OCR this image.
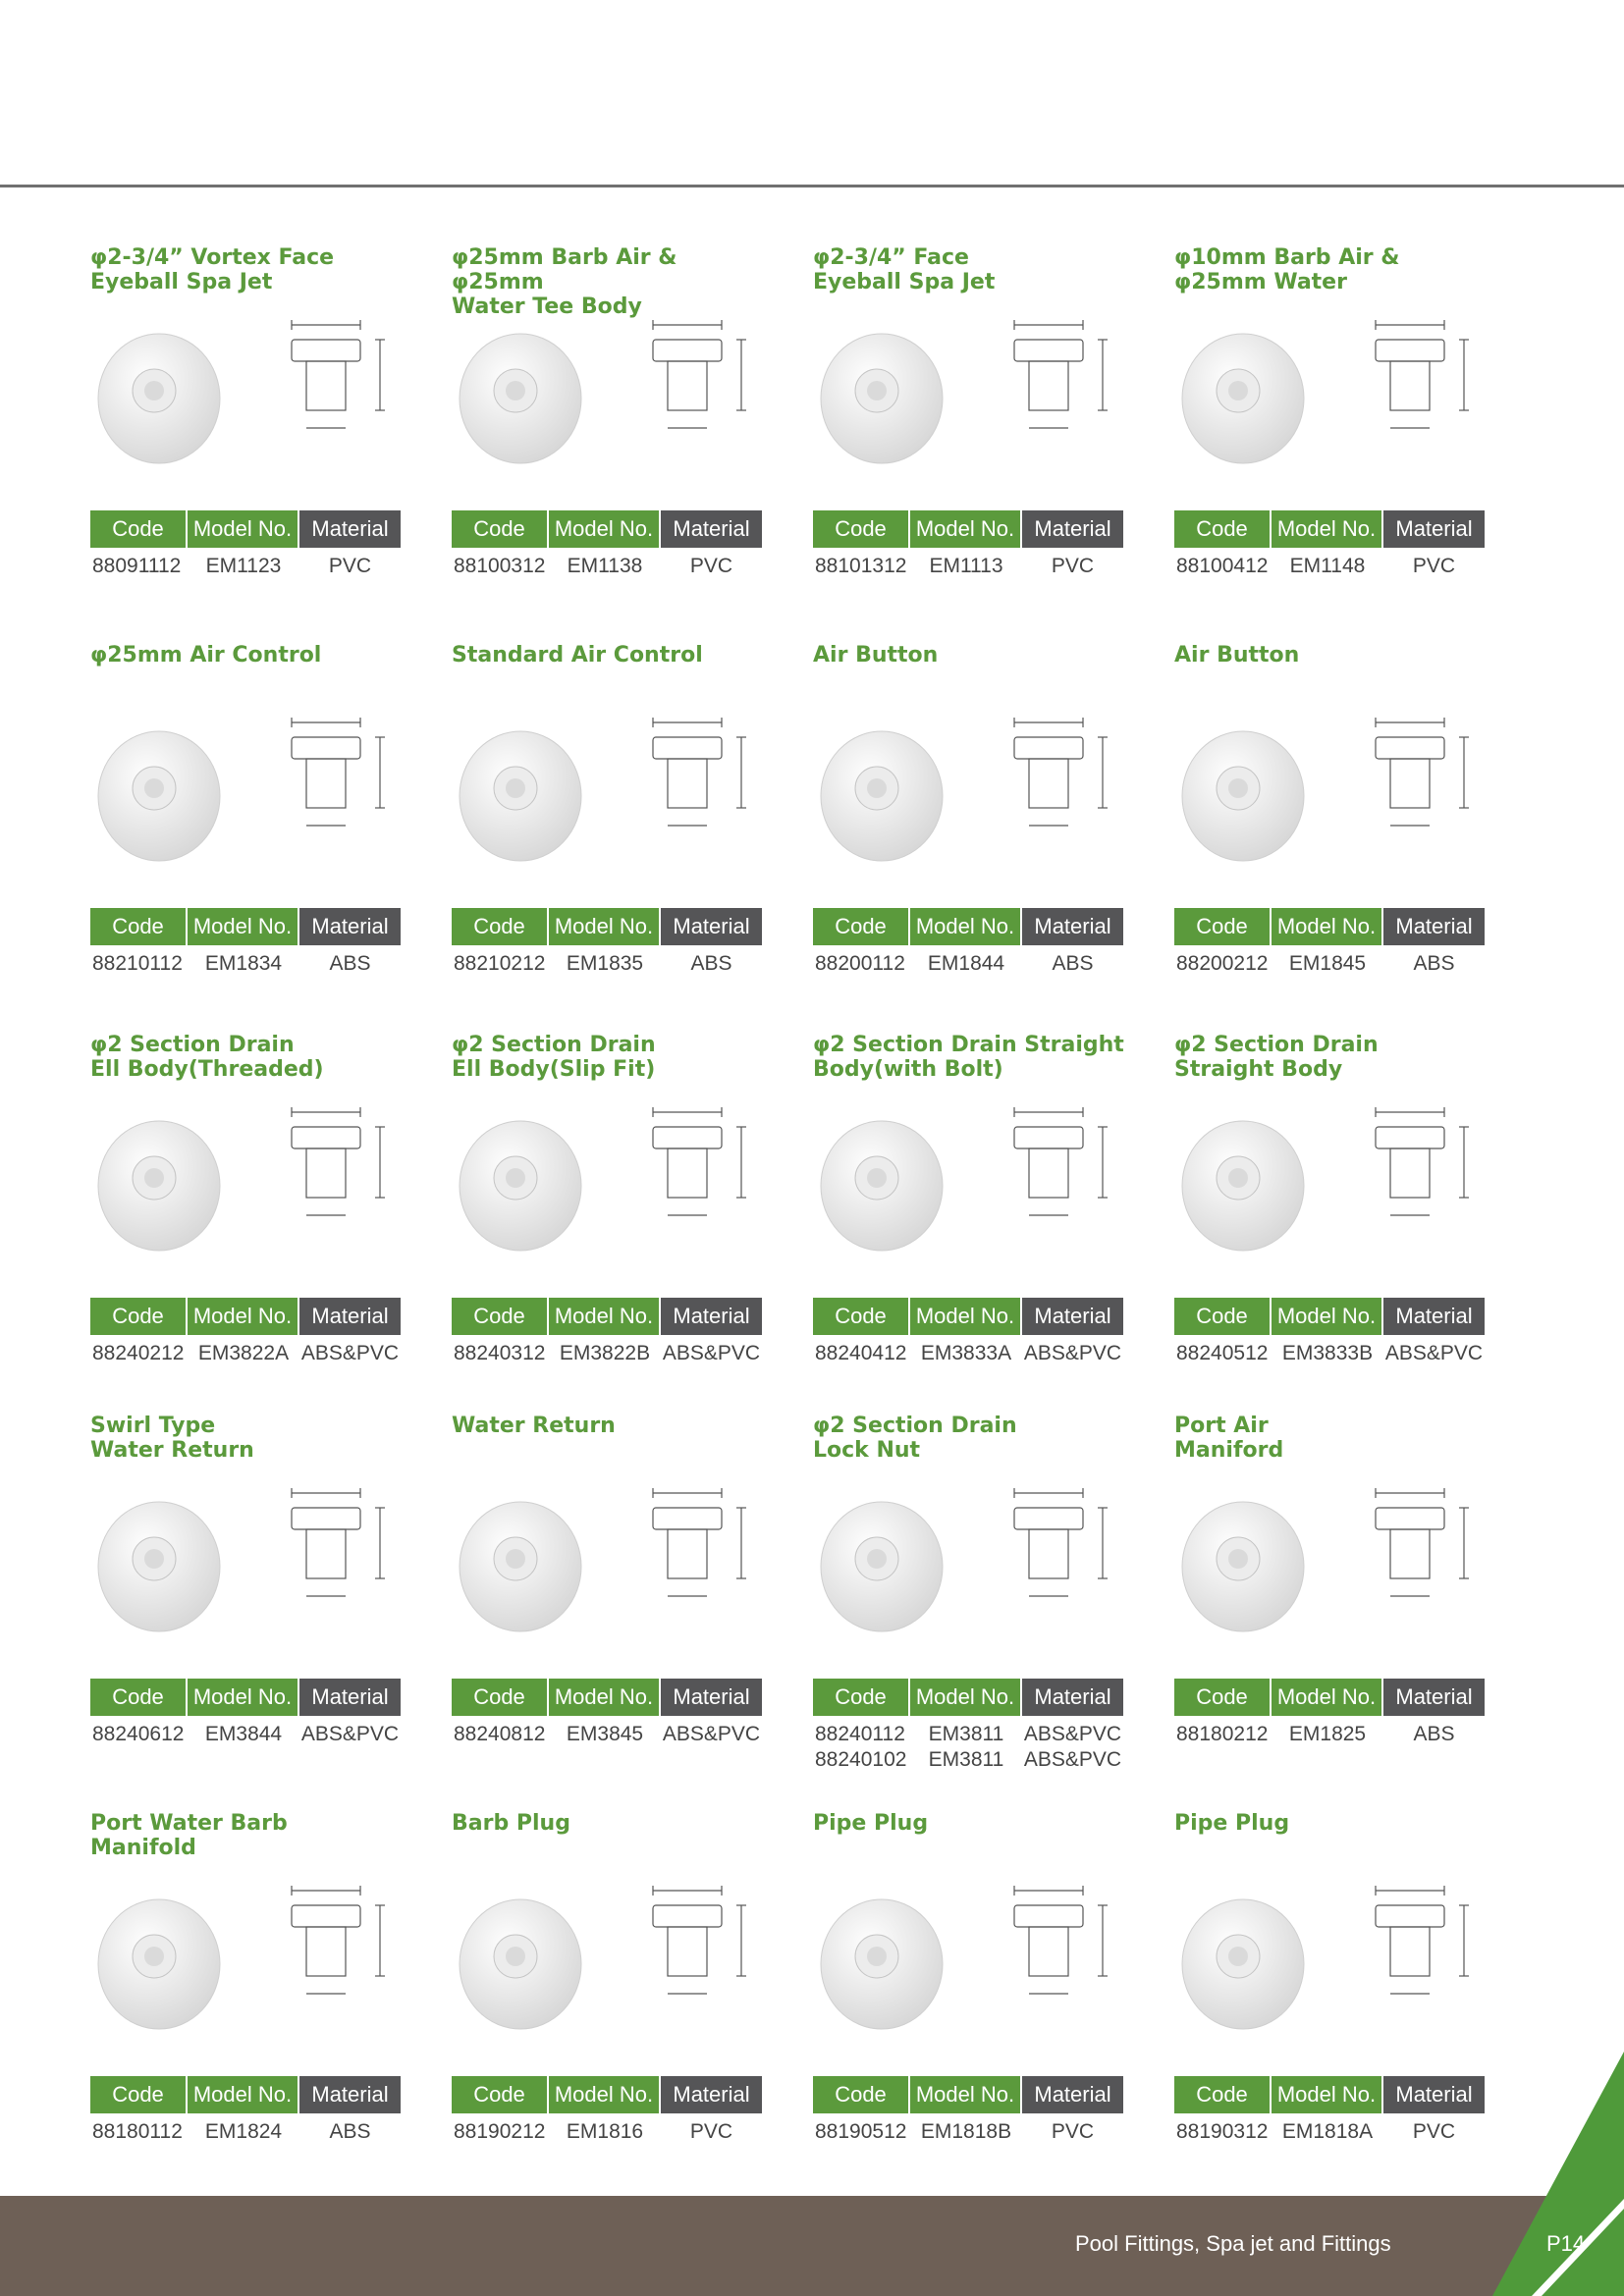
φ2-3/4” Vortex Face
Eyeball Spa Jet
Code	Model No. Material
88091112	EM1123	PVC
φ25mm Barb Air & φ25mm
Water Tee Body
Code	Model No. Material
88100312	EM1138	PVC
φ2-3/4” Face
Eyeball Spa Jet
Code	Model No. Material
88101312	EM1113	PVC
φ10mm Barb Air &
φ25mm Water
Code	Model No. Material
88100412	EM1148	PVC
φ25mm Air Control
Code	Model No. Material
88210112	EM1834	ABS
Standard Air Control
Code	Model No. Material
88210212	EM1835	ABS
Air Button
Code	Model No. Material
88200112	EM1844	ABS
Air Button
Code	Model No. Material
88200212	EM1845	ABS
φ2 Section Drain
Ell Body(Threaded)
Code	Model No. Material
88240212 EM3822A ABS&PVC
φ2 Section Drain
Ell Body(Slip Fit)
Code	Model No. Material
88240312 EM3822B ABS&PVC
φ2 Section Drain Straight
Body(with Bolt)
Code	Model No. Material
88240412 EM3833A ABS&PVC
φ2 Section Drain
Straight Body
Code	Model No. Material
88240512 EM3833B ABS&PVC
Swirl Type
Water Return
Code	Model No. Material
88240612	EM3844 ABS&PVC
Water Return
Code	Model No. Material
88240812	EM3845 ABS&PVC
φ2 Section Drain
Lock Nut
Code	Model No. Material
88240112	EM3811 ABS&PVC
88240102	EM3811 ABS&PVC
Port Air
Maniford
Code	Model No. Material
88180212	EM1825	ABS
Port Water Barb
Manifold
Code	Model No. Material
88180112	EM1824	ABS
Barb Plug
Code	Model No. Material
88190212	EM1816	PVC
Pipe Plug
Code	Model No. Material
88190512 EM1818B	PVC
Pipe Plug
Code	Model No. Material
88190312 EM1818A	PVC
Pool Fittings, Spa jet and Fittings	P14
